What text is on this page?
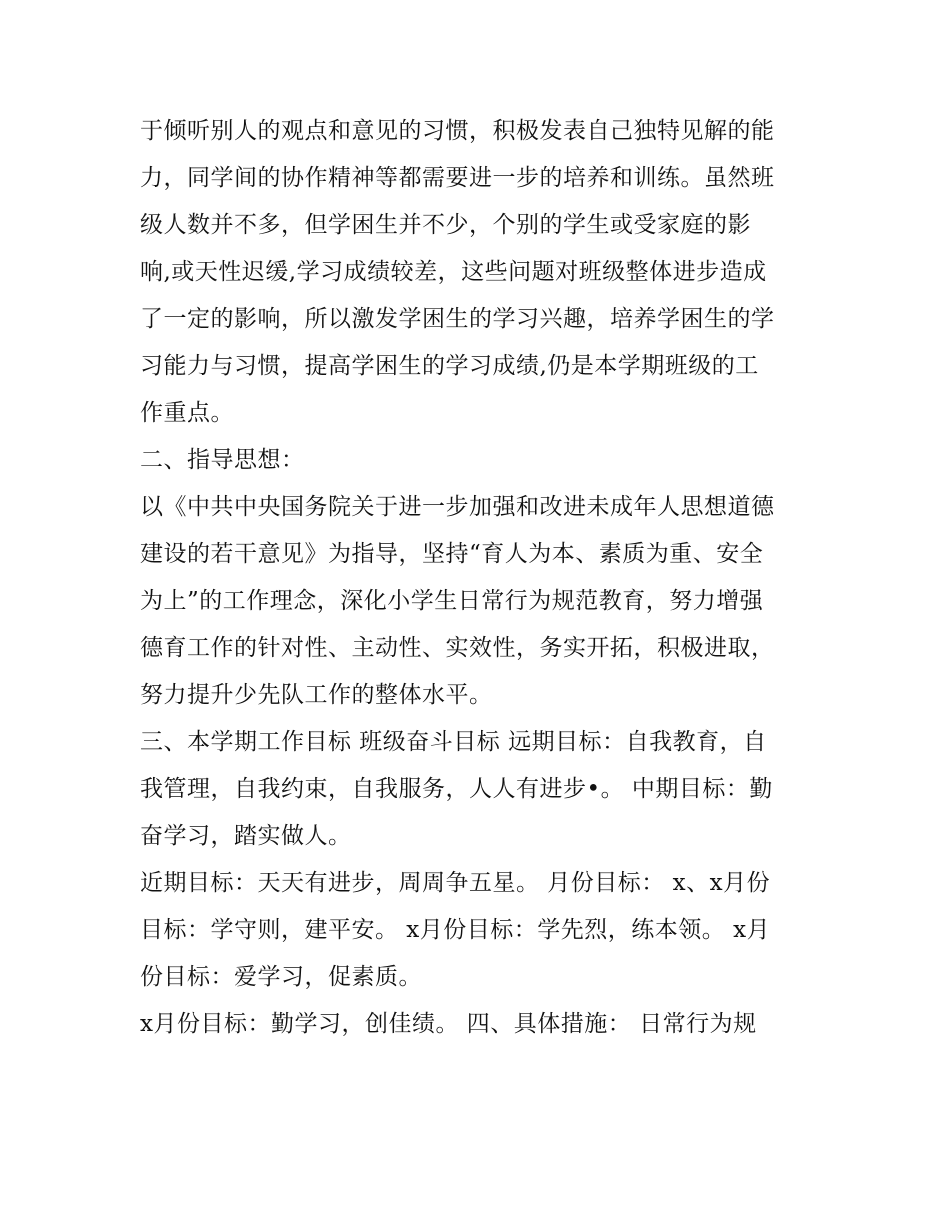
于倾听别人的观点和意见的习惯，积极发表自己独特见解的能
力，同学间的协作精神等都需要进一步的培养和训练。虽然班
级人数并不多，但学困生并不少，个别的学生或受家庭的影
响,或天性迟缓,学习成绩较差，这些问题对班级整体进步造成
了一定的影响，所以激发学困生的学习兴趣，培养学困生的学
习能力与习惯，提高学困生的学习成绩,仍是本学期班级的工
作重点。
二、指导思想：
以《中共中央国务院关于进一步加强和改进未成年人思想道德
建设的若干意见》为指导，坚持“育人为本、素质为重、安全
为上”的工作理念，深化小学生日常行为规范教育，努力增强
德育工作的针对性、主动性、实效性，务实开拓，积极进取，
努力提升少先队工作的整体水平。
三、本学期工作目标 班级奋斗目标 远期目标：自我教育，自
我管理，自我约束，自我服务，人人有进步•。 中期目标：勤
奋学习，踏实做人。
近期目标：天天有进步，周周争五星。 月份目标： x、x月份
目标：学守则，建平安。 x月份目标：学先烈，练本领。 x月
份目标：爱学习，促素质。
x月份目标：勤学习，创佳绩。 四、具体措施： 日常行为规
